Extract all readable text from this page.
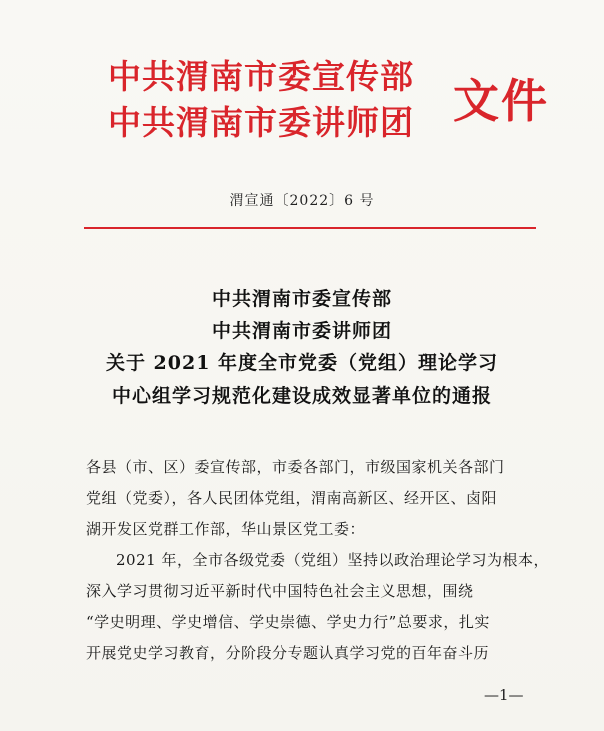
中共渭南市委宣传部
中共渭南市委讲师团 文件
渭宣通〔2022〕6 号
中共渭南市委宣传部
中共渭南市委讲师团
关于 2021 年度全市党委（党组）理论学习
中心组学习规范化建设成效显著单位的通报
各县（市、区）委宣传部，市委各部门，市级国家机关各部门
党组（党委），各人民团体党组，渭南高新区、经开区、卤阳
湖开发区党群工作部，华山景区党工委：
2021 年，全市各级党委（党组）坚持以政治理论学习为根本，
深入学习贯彻习近平新时代中国特色社会主义思想，围绕
“学史明理、学史增信、学史崇德、学史力行”总要求，扎实
开展党史学习教育，分阶段分专题认真学习党的百年奋斗历
—1—
